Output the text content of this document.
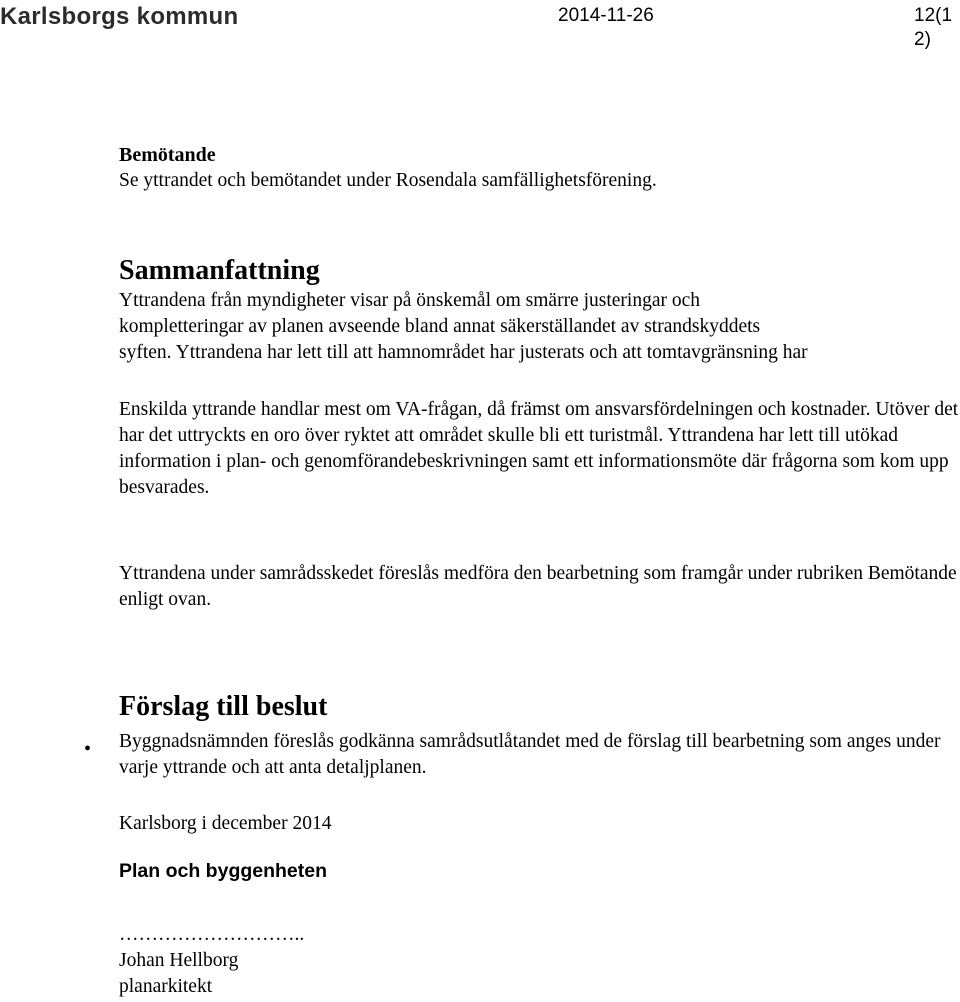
Karlsborgs kommun	2014-11-26	12(1
2)

Bemötande

Se yttrandet och bemötandet under Rosendala samfällighetsförening.

Sammanfattning

Yttrandena från myndigheter visar på önskemål om smärre justeringar och

kompletteringar av planen avseende bland annat säkerställandet av strandskyddets

syften. Yttrandena har lett till att hamnområdet har justerats och att tomtavgränsning har

Enskilda yttrande handlar mest om VA-frågan, då främst om ansvarsfördelningen och kostnader. Utöver det har det uttryckts en oro över ryktet att området skulle bli ett turistmål. Yttrandena har lett till utökad information i plan- och genomförandebeskrivningen samt ett informationsmöte där frågorna som kom upp besvarades.

Yttrandena under samrådsskedet föreslås medföra den bearbetning som framgår under rubriken Bemötande enligt ovan.

Förslag till beslut

• Byggnadsnämnden föreslås godkänna samrådsutlåtandet med de förslag till bearbetning som anges under varje yttrande och att anta detaljplanen.

Karlsborg i december 2014

Plan och byggenheten

………………………..

Johan Hellborg

planarkitekt
